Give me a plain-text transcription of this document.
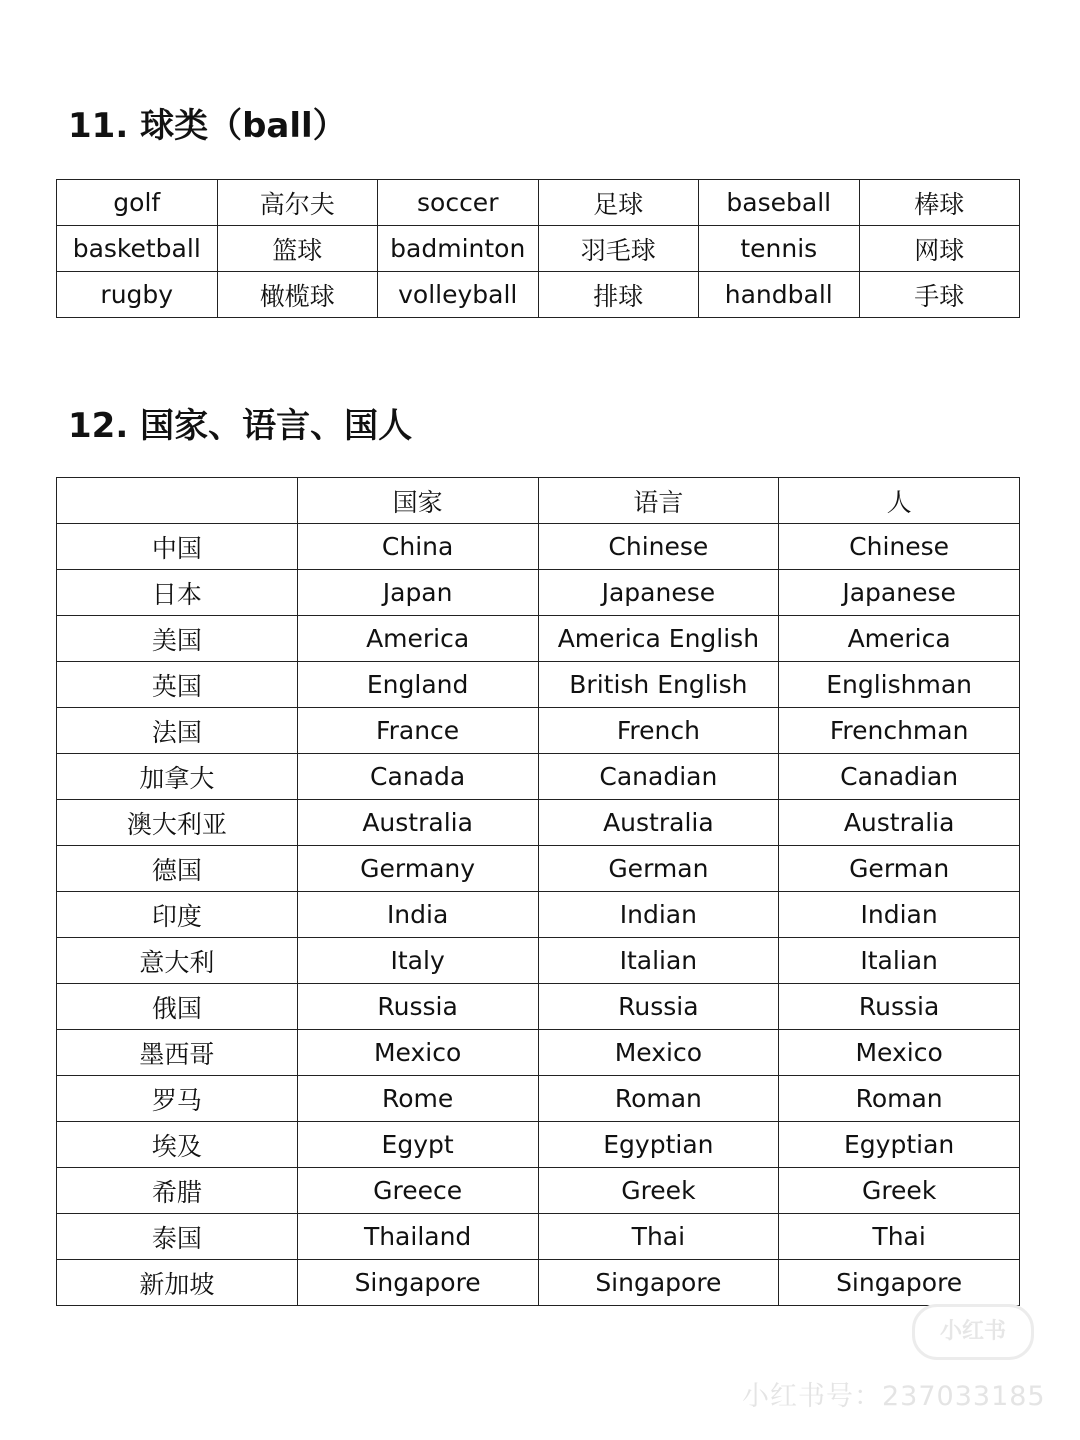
11. 球类（ball）
golf	高尔夫	soccer	足球	baseball	棒球
basketball	篮球	badminton	羽毛球	tennis	网球
rugby	橄榄球	volleyball	排球	handball	手球
12. 国家、语言、国人
	国家	语言	人
中国	China	Chinese	Chinese
日本	Japan	Japanese	Japanese
美国	America	America English	America
英国	England	British English	Englishman
法国	France	French	Frenchman
加拿大	Canada	Canadian	Canadian
澳大利亚	Australia	Australia	Australia
德国	Germany	German	German
印度	India	Indian	Indian
意大利	Italy	Italian	Italian
俄国	Russia	Russia	Russia
墨西哥	Mexico	Mexico	Mexico
罗马	Rome	Roman	Roman
埃及	Egypt	Egyptian	Egyptian
希腊	Greece	Greek	Greek
泰国	Thailand	Thai	Thai
新加坡	Singapore	Singapore	Singapore
小红书
小红书号：237033185
